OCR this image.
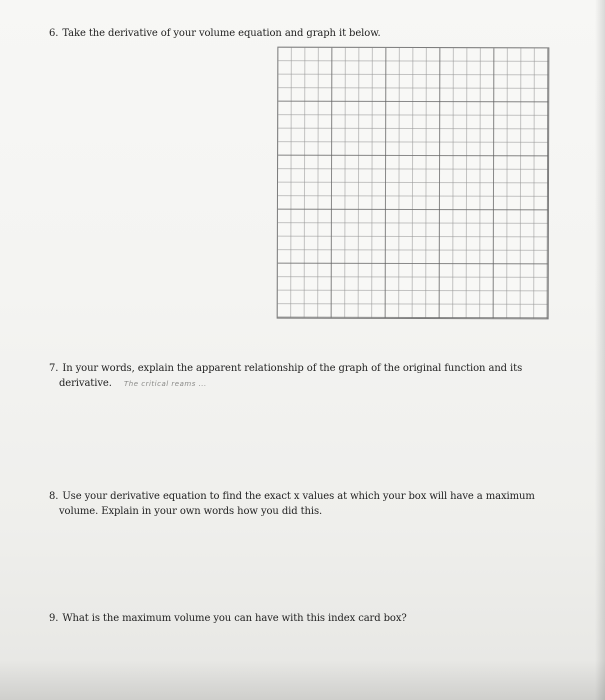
6. Take the derivative of your volume equation and graph it below.
7. In your words, explain the apparent relationship of the graph of the original function and its
derivative.	The critical reams ...
8. Use your derivative equation to find the exact x values at which your box will have a maximum
volume. Explain in your own words how you did this.
9. What is the maximum volume you can have with this index card box?
